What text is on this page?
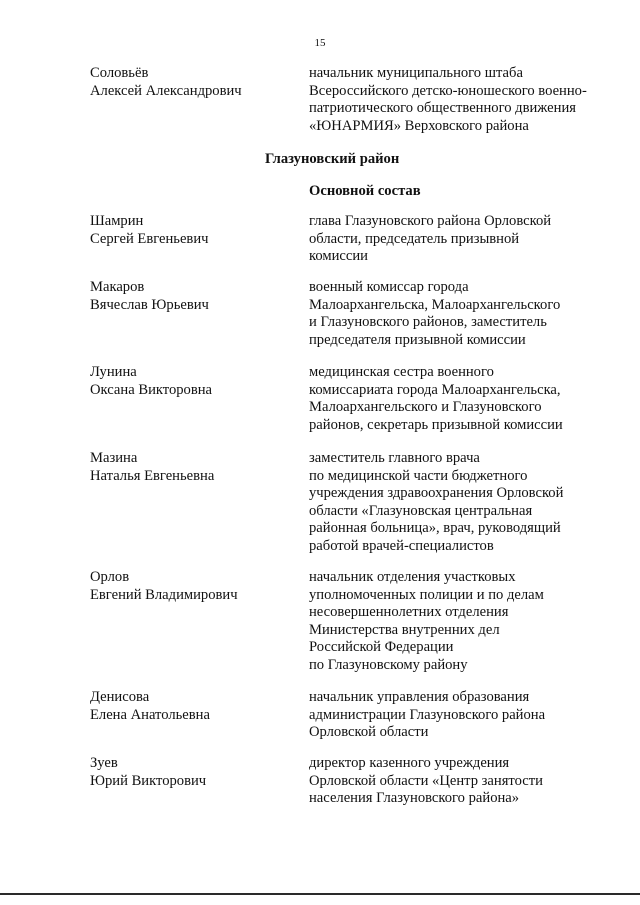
15
Соловьёв
Алексей Александрович
начальник муниципального штаба
Всероссийского детско-юношеского военно-
патриотического общественного движения
«ЮНАРМИЯ» Верховского района
Глазуновский район
Основной состав
Шамрин
Сергей Евгеньевич
глава Глазуновского района Орловской
области, председатель призывной
комиссии
Макаров
Вячеслав Юрьевич
военный комиссар города
Малоархангельска, Малоархангельского
и Глазуновского районов, заместитель
председателя призывной комиссии
Лунина
Оксана Викторовна
медицинская сестра военного
комиссариата города Малоархангельска,
Малоархангельского и Глазуновского
районов, секретарь призывной комиссии
Мазина
Наталья Евгеньевна
заместитель главного врача
по медицинской части бюджетного
учреждения здравоохранения Орловской
области «Глазуновская центральная
районная больница», врач, руководящий
работой врачей-специалистов
Орлов
Евгений Владимирович
начальник отделения участковых
уполномоченных полиции и по делам
несовершеннолетних отделения
Министерства внутренних дел
Российской Федерации
по Глазуновскому району
Денисова
Елена Анатольевна
начальник управления образования
администрации Глазуновского района
Орловской области
Зуев
Юрий Викторович
директор казенного учреждения
Орловской области «Центр занятости
населения Глазуновского района»
